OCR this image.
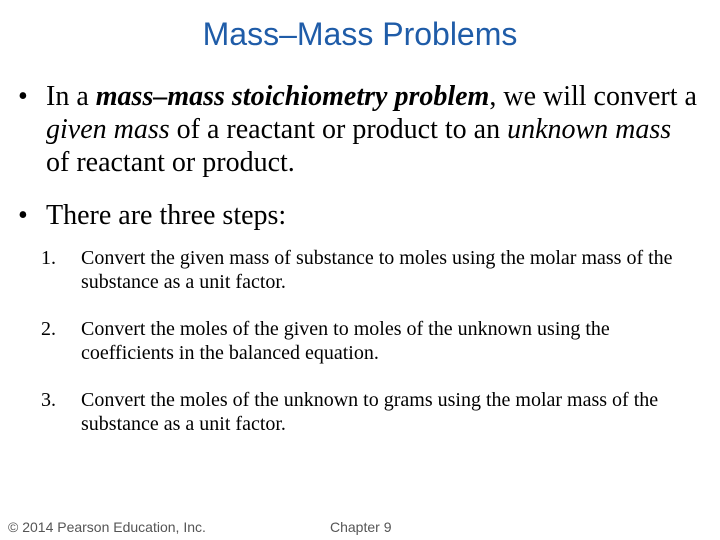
Mass–Mass Problems
• In a mass–mass stoichiometry problem, we will convert a given mass of a reactant or product to an unknown mass of reactant or product.
• There are three steps:
1. Convert the given mass of substance to moles using the molar mass of the substance as a unit factor.
2. Convert the moles of the given to moles of the unknown using the coefficients in the balanced equation.
3. Convert the moles of the unknown to grams using the molar mass of the substance as a unit factor.
© 2014 Pearson Education, Inc.	Chapter 9
